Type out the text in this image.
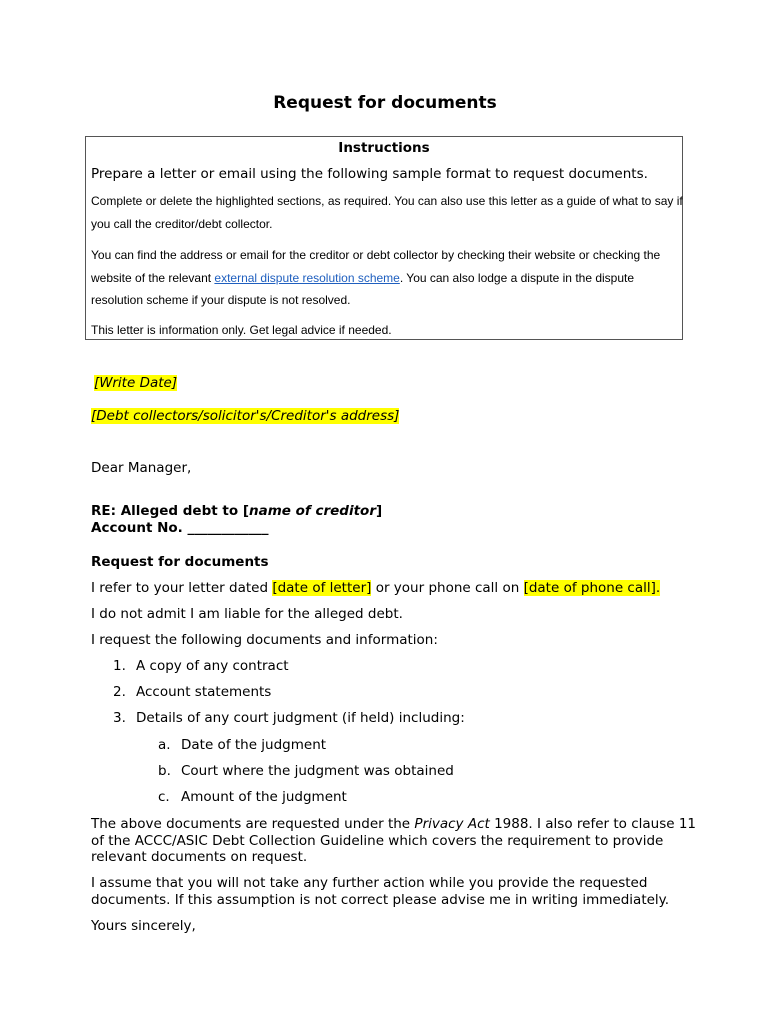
Request for documents
Instructions
Prepare a letter or email using the following sample format to request documents.
Complete or delete the highlighted sections, as required. You can also use this letter as a guide of what to say if you call the creditor/debt collector.
You can find the address or email for the creditor or debt collector by checking their website or checking the website of the relevant external dispute resolution scheme. You can also lodge a dispute in the dispute resolution scheme if your dispute is not resolved.
This letter is information only. Get legal advice if needed.
[Write Date]
[Debt collectors/solicitor's/Creditor's address]
Dear Manager,
RE: Alleged debt to [name of creditor]
Account No. ____________
Request for documents
I refer to your letter dated [date of letter] or your phone call on [date of phone call].
I do not admit I am liable for the alleged debt.
I request the following documents and information:
1. A copy of any contract
2. Account statements
3. Details of any court judgment (if held) including:
a. Date of the judgment
b. Court where the judgment was obtained
c. Amount of the judgment
The above documents are requested under the Privacy Act 1988. I also refer to clause 11 of the ACCC/ASIC Debt Collection Guideline which covers the requirement to provide relevant documents on request.
I assume that you will not take any further action while you provide the requested documents. If this assumption is not correct please advise me in writing immediately.
Yours sincerely,
